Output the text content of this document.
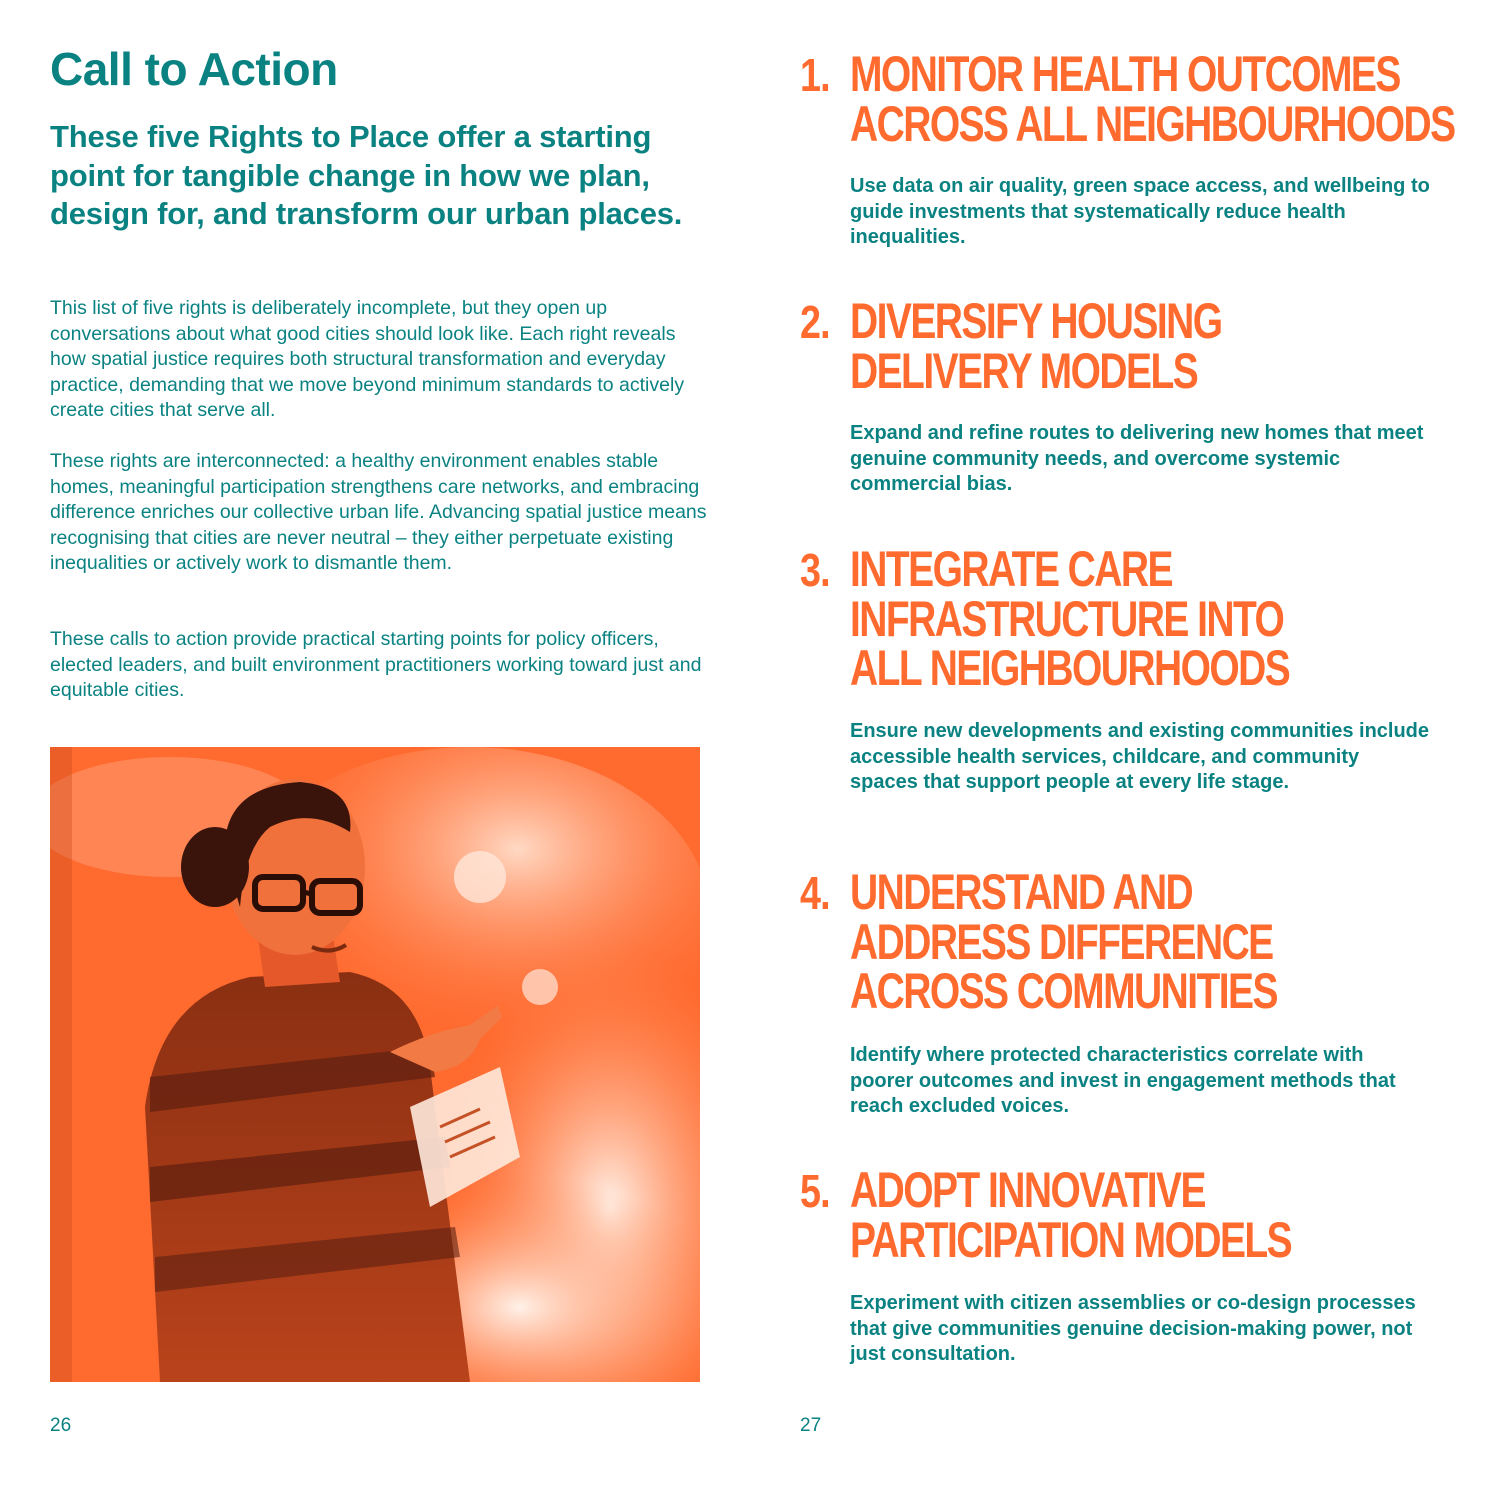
Call to Action

These five Rights to Place offer a starting point for tangible change in how we plan, design for, and transform our urban places.

This list of five rights is deliberately incomplete, but they open up conversations about what good cities should look like. Each right reveals how spatial justice requires both structural transformation and everyday practice, demanding that we move beyond minimum standards to actively create cities that serve all.

These rights are interconnected: a healthy environment enables stable homes, meaningful participation strengthens care networks, and embracing difference enriches our collective urban life. Advancing spatial justice means recognising that cities are never neutral – they either perpetuate existing inequalities or actively work to dismantle them.

These calls to action provide practical starting points for policy officers, elected leaders, and built environment practitioners working toward just and equitable cities.

26
1. MONITOR HEALTH OUTCOMES
ACROSS ALL NEIGHBOURHOODS

Use data on air quality, green space access, and wellbeing to guide investments that systematically reduce health inequalities.

2. DIVERSIFY HOUSING
DELIVERY MODELS

Expand and refine routes to delivering new homes that meet genuine community needs, and overcome systemic commercial bias.

3. INTEGRATE CARE
INFRASTRUCTURE INTO
ALL NEIGHBOURHOODS

Ensure new developments and existing communities include accessible health services, childcare, and community spaces that support people at every life stage.

4. UNDERSTAND AND
ADDRESS DIFFERENCE
ACROSS COMMUNITIES

Identify where protected characteristics correlate with poorer outcomes and invest in engagement methods that reach excluded voices.

5. ADOPT INNOVATIVE
PARTICIPATION MODELS

Experiment with citizen assemblies or co-design processes that give communities genuine decision-making power, not just consultation.

27
